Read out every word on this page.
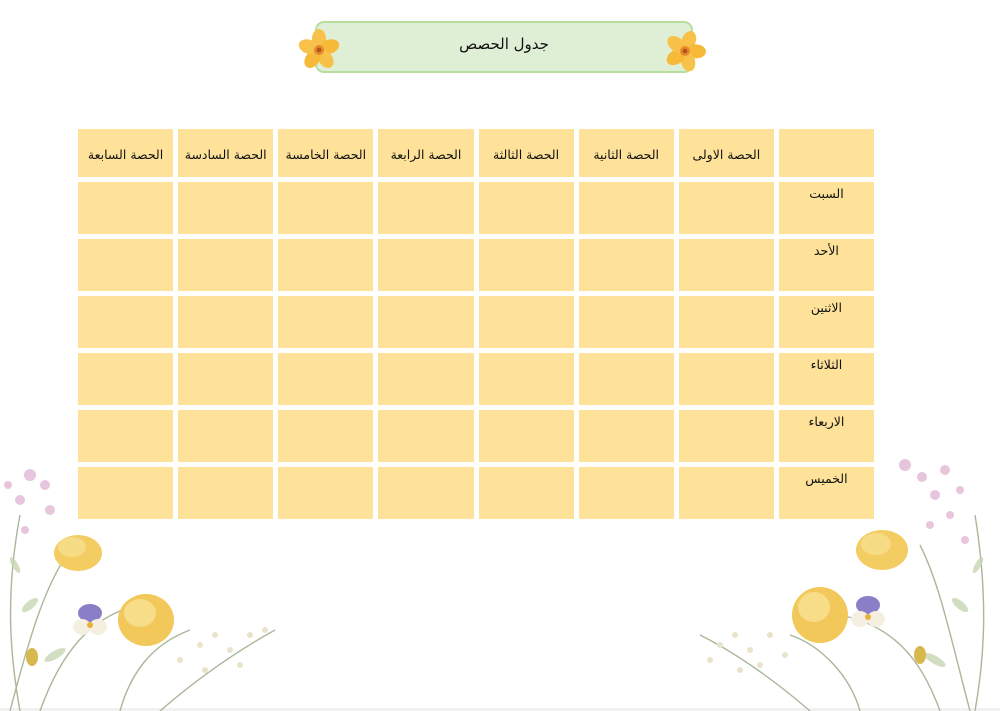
جدول الحصص
الحصة الاولى
الحصة الثانية
الحصة الثالثة
الحصة الرابعة
الحصة الخامسة
الحصة السادسة
الحصة السابعة
السبت
الأحد
الاثنين
الثلاثاء
الاربعاء
الخميس
